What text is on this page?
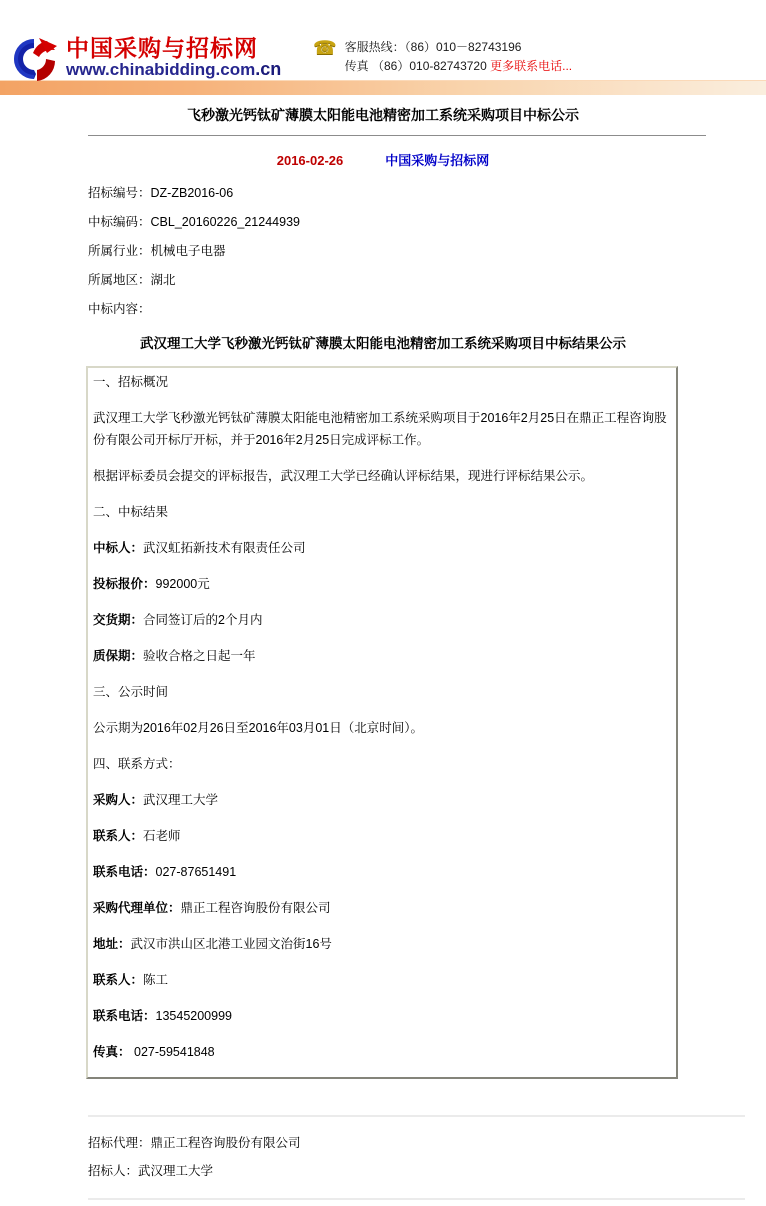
中国采购与招标网
www.chinabidding.com.cn
☎ 客服热线：（86）010－82743196
传真 （86）010-82743720 更多联系电话...
飞秒激光钙钛矿薄膜太阳能电池精密加工系统采购项目中标公示
2016-02-26	中国采购与招标网

招标编号：DZ-ZB2016-06

中标编码：CBL_20160226_21244939

所属行业：机械电子电器

所属地区：湖北

中标内容：

武汉理工大学飞秒激光钙钛矿薄膜太阳能电池精密加工系统采购项目中标结果公示

一、招标概况

武汉理工大学飞秒激光钙钛矿薄膜太阳能电池精密加工系统采购项目于2016年2月25日在鼎正工程咨询股份有限公司开标厅开标，并于2016年2月25日完成评标工作。

根据评标委员会提交的评标报告，武汉理工大学已经确认评标结果，现进行评标结果公示。

二、中标结果

中标人：武汉虹拓新技术有限责任公司

投标报价：992000元

交货期：合同签订后的2个月内

质保期：验收合格之日起一年

三、公示时间

公示期为2016年02月26日至2016年03月01日（北京时间）。

四、联系方式：

采购人：武汉理工大学

联系人：石老师

联系电话：027-87651491

采购代理单位：鼎正工程咨询股份有限公司

地址：武汉市洪山区北港工业园文治街16号

联系人：陈工

联系电话：13545200999

传真： 027-59541848

招标代理：鼎正工程咨询股份有限公司

招标人：武汉理工大学
